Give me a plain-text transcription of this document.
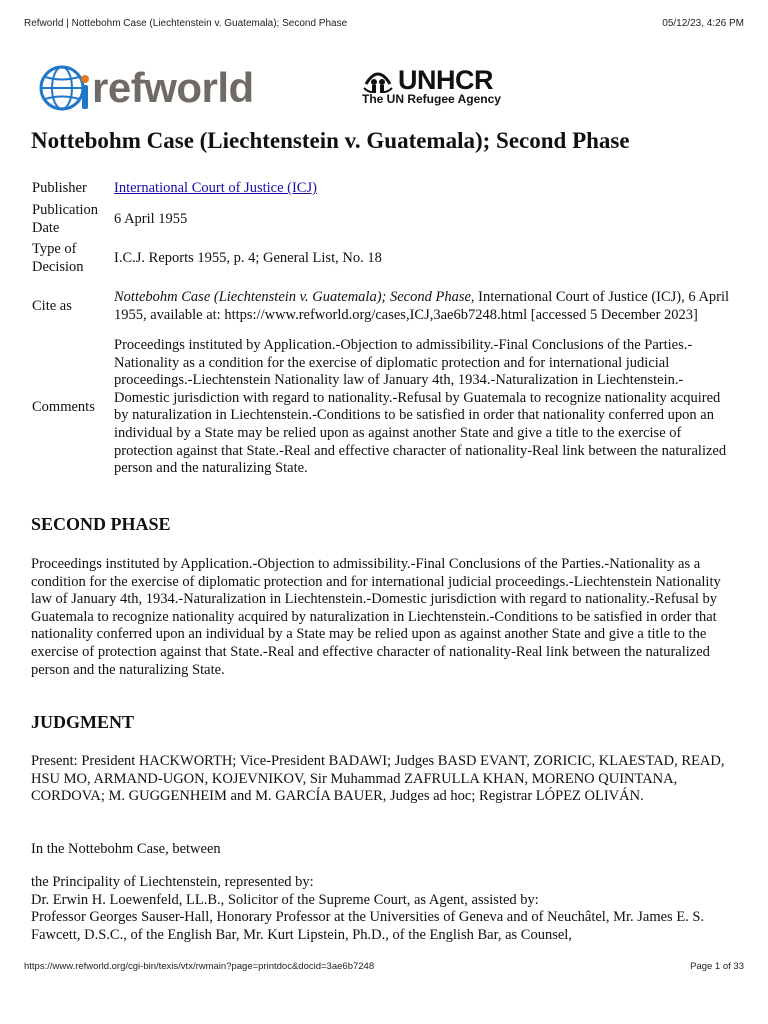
Refworld | Nottebohm Case (Liechtenstein v. Guatemala); Second Phase	05/12/23, 4:26 PM
refworld	UNHCR
The UN Refugee Agency
Nottebohm Case (Liechtenstein v. Guatemala); Second Phase
Publisher	International Court of Justice (ICJ)
Publication Date	6 April 1955
Type of Decision	I.C.J. Reports 1955, p. 4; General List, No. 18
Cite as	Nottebohm Case (Liechtenstein v. Guatemala); Second Phase, International Court of Justice (ICJ), 6 April 1955, available at: https://www.refworld.org/cases,ICJ,3ae6b7248.html [accessed 5 December 2023]
Comments	Proceedings instituted by Application.-Objection to admissibility.-Final Conclusions of the Parties.-Nationality as a condition for the exercise of diplomatic protection and for international judicial proceedings.-Liechtenstein Nationality law of January 4th, 1934.-Naturalization in Liechtenstein.-Domestic jurisdiction with regard to nationality.-Refusal by Guatemala to recognize nationality acquired by naturalization in Liechtenstein.-Conditions to be satisfied in order that nationality conferred upon an individual by a State may be relied upon as against another State and give a title to the exercise of protection against that State.-Real and effective character of nationality-Real link between the naturalized person and the naturalizing State.
SECOND PHASE
Proceedings instituted by Application.-Objection to admissibility.-Final Conclusions of the Parties.-Nationality as a condition for the exercise of diplomatic protection and for international judicial proceedings.-Liechtenstein Nationality law of January 4th, 1934.-Naturalization in Liechtenstein.-Domestic jurisdiction with regard to nationality.-Refusal by Guatemala to recognize nationality acquired by naturalization in Liechtenstein.-Conditions to be satisfied in order that nationality conferred upon an individual by a State may be relied upon as against another State and give a title to the exercise of protection against that State.-Real and effective character of nationality-Real link between the naturalized person and the naturalizing State.
JUDGMENT
Present: President HACKWORTH; Vice-President BADAWI; Judges BASD EVANT, ZORICIC, KLAESTAD, READ, HSU MO, ARMAND-UGON, KOJEVNIKOV, Sir Muhammad ZAFRULLA KHAN, MORENO QUINTANA, CORDOVA; M. GUGGENHEIM and M. GARCÍA BAUER, Judges ad hoc; Registrar LÓPEZ OLIVÁN.
In the Nottebohm Case, between
the Principality of Liechtenstein, represented by:
Dr. Erwin H. Loewenfeld, LL.B., Solicitor of the Supreme Court, as Agent, assisted by:
Professor Georges Sauser-Hall, Honorary Professor at the Universities of Geneva and of Neuchâtel, Mr. James E. S. Fawcett, D.S.C., of the English Bar, Mr. Kurt Lipstein, Ph.D., of the English Bar, as Counsel,
https://www.refworld.org/cgi-bin/texis/vtx/rwmain?page=printdoc&docid=3ae6b7248	Page 1 of 33
